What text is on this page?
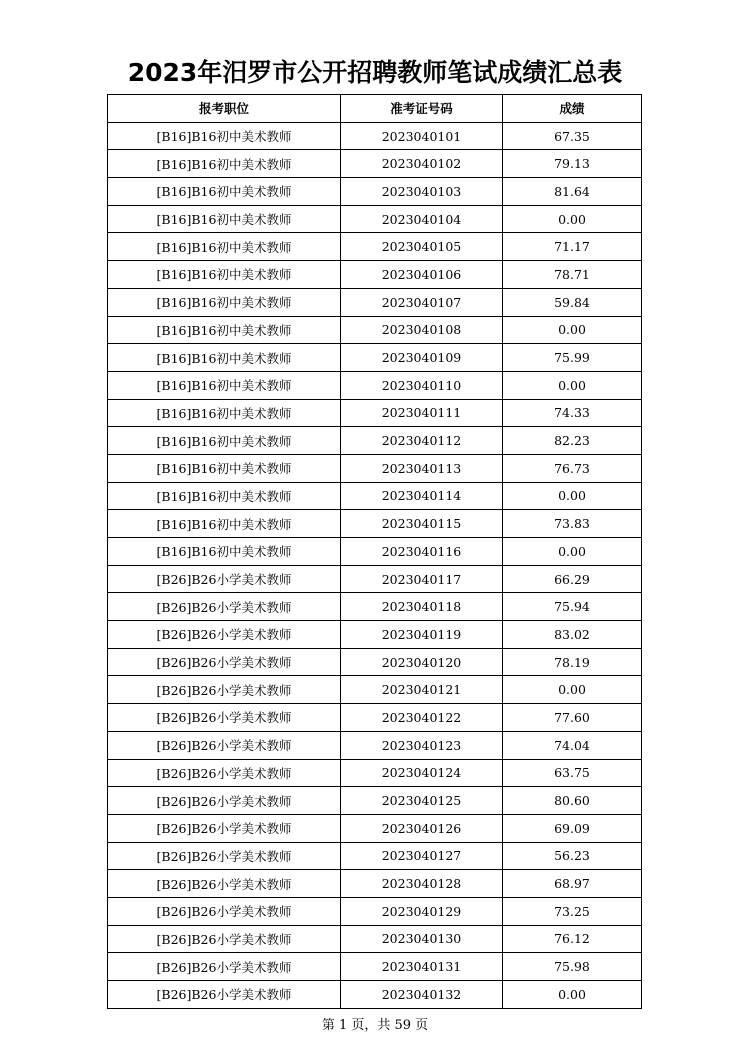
2023年汨罗市公开招聘教师笔试成绩汇总表
报考职位	准考证号码	成绩
[B16]B16初中美术教师	2023040101	67.35
[B16]B16初中美术教师	2023040102	79.13
[B16]B16初中美术教师	2023040103	81.64
[B16]B16初中美术教师	2023040104	0.00
[B16]B16初中美术教师	2023040105	71.17
[B16]B16初中美术教师	2023040106	78.71
[B16]B16初中美术教师	2023040107	59.84
[B16]B16初中美术教师	2023040108	0.00
[B16]B16初中美术教师	2023040109	75.99
[B16]B16初中美术教师	2023040110	0.00
[B16]B16初中美术教师	2023040111	74.33
[B16]B16初中美术教师	2023040112	82.23
[B16]B16初中美术教师	2023040113	76.73
[B16]B16初中美术教师	2023040114	0.00
[B16]B16初中美术教师	2023040115	73.83
[B16]B16初中美术教师	2023040116	0.00
[B26]B26小学美术教师	2023040117	66.29
[B26]B26小学美术教师	2023040118	75.94
[B26]B26小学美术教师	2023040119	83.02
[B26]B26小学美术教师	2023040120	78.19
[B26]B26小学美术教师	2023040121	0.00
[B26]B26小学美术教师	2023040122	77.60
[B26]B26小学美术教师	2023040123	74.04
[B26]B26小学美术教师	2023040124	63.75
[B26]B26小学美术教师	2023040125	80.60
[B26]B26小学美术教师	2023040126	69.09
[B26]B26小学美术教师	2023040127	56.23
[B26]B26小学美术教师	2023040128	68.97
[B26]B26小学美术教师	2023040129	73.25
[B26]B26小学美术教师	2023040130	76.12
[B26]B26小学美术教师	2023040131	75.98
[B26]B26小学美术教师	2023040132	0.00
第 1 页，共 59 页
